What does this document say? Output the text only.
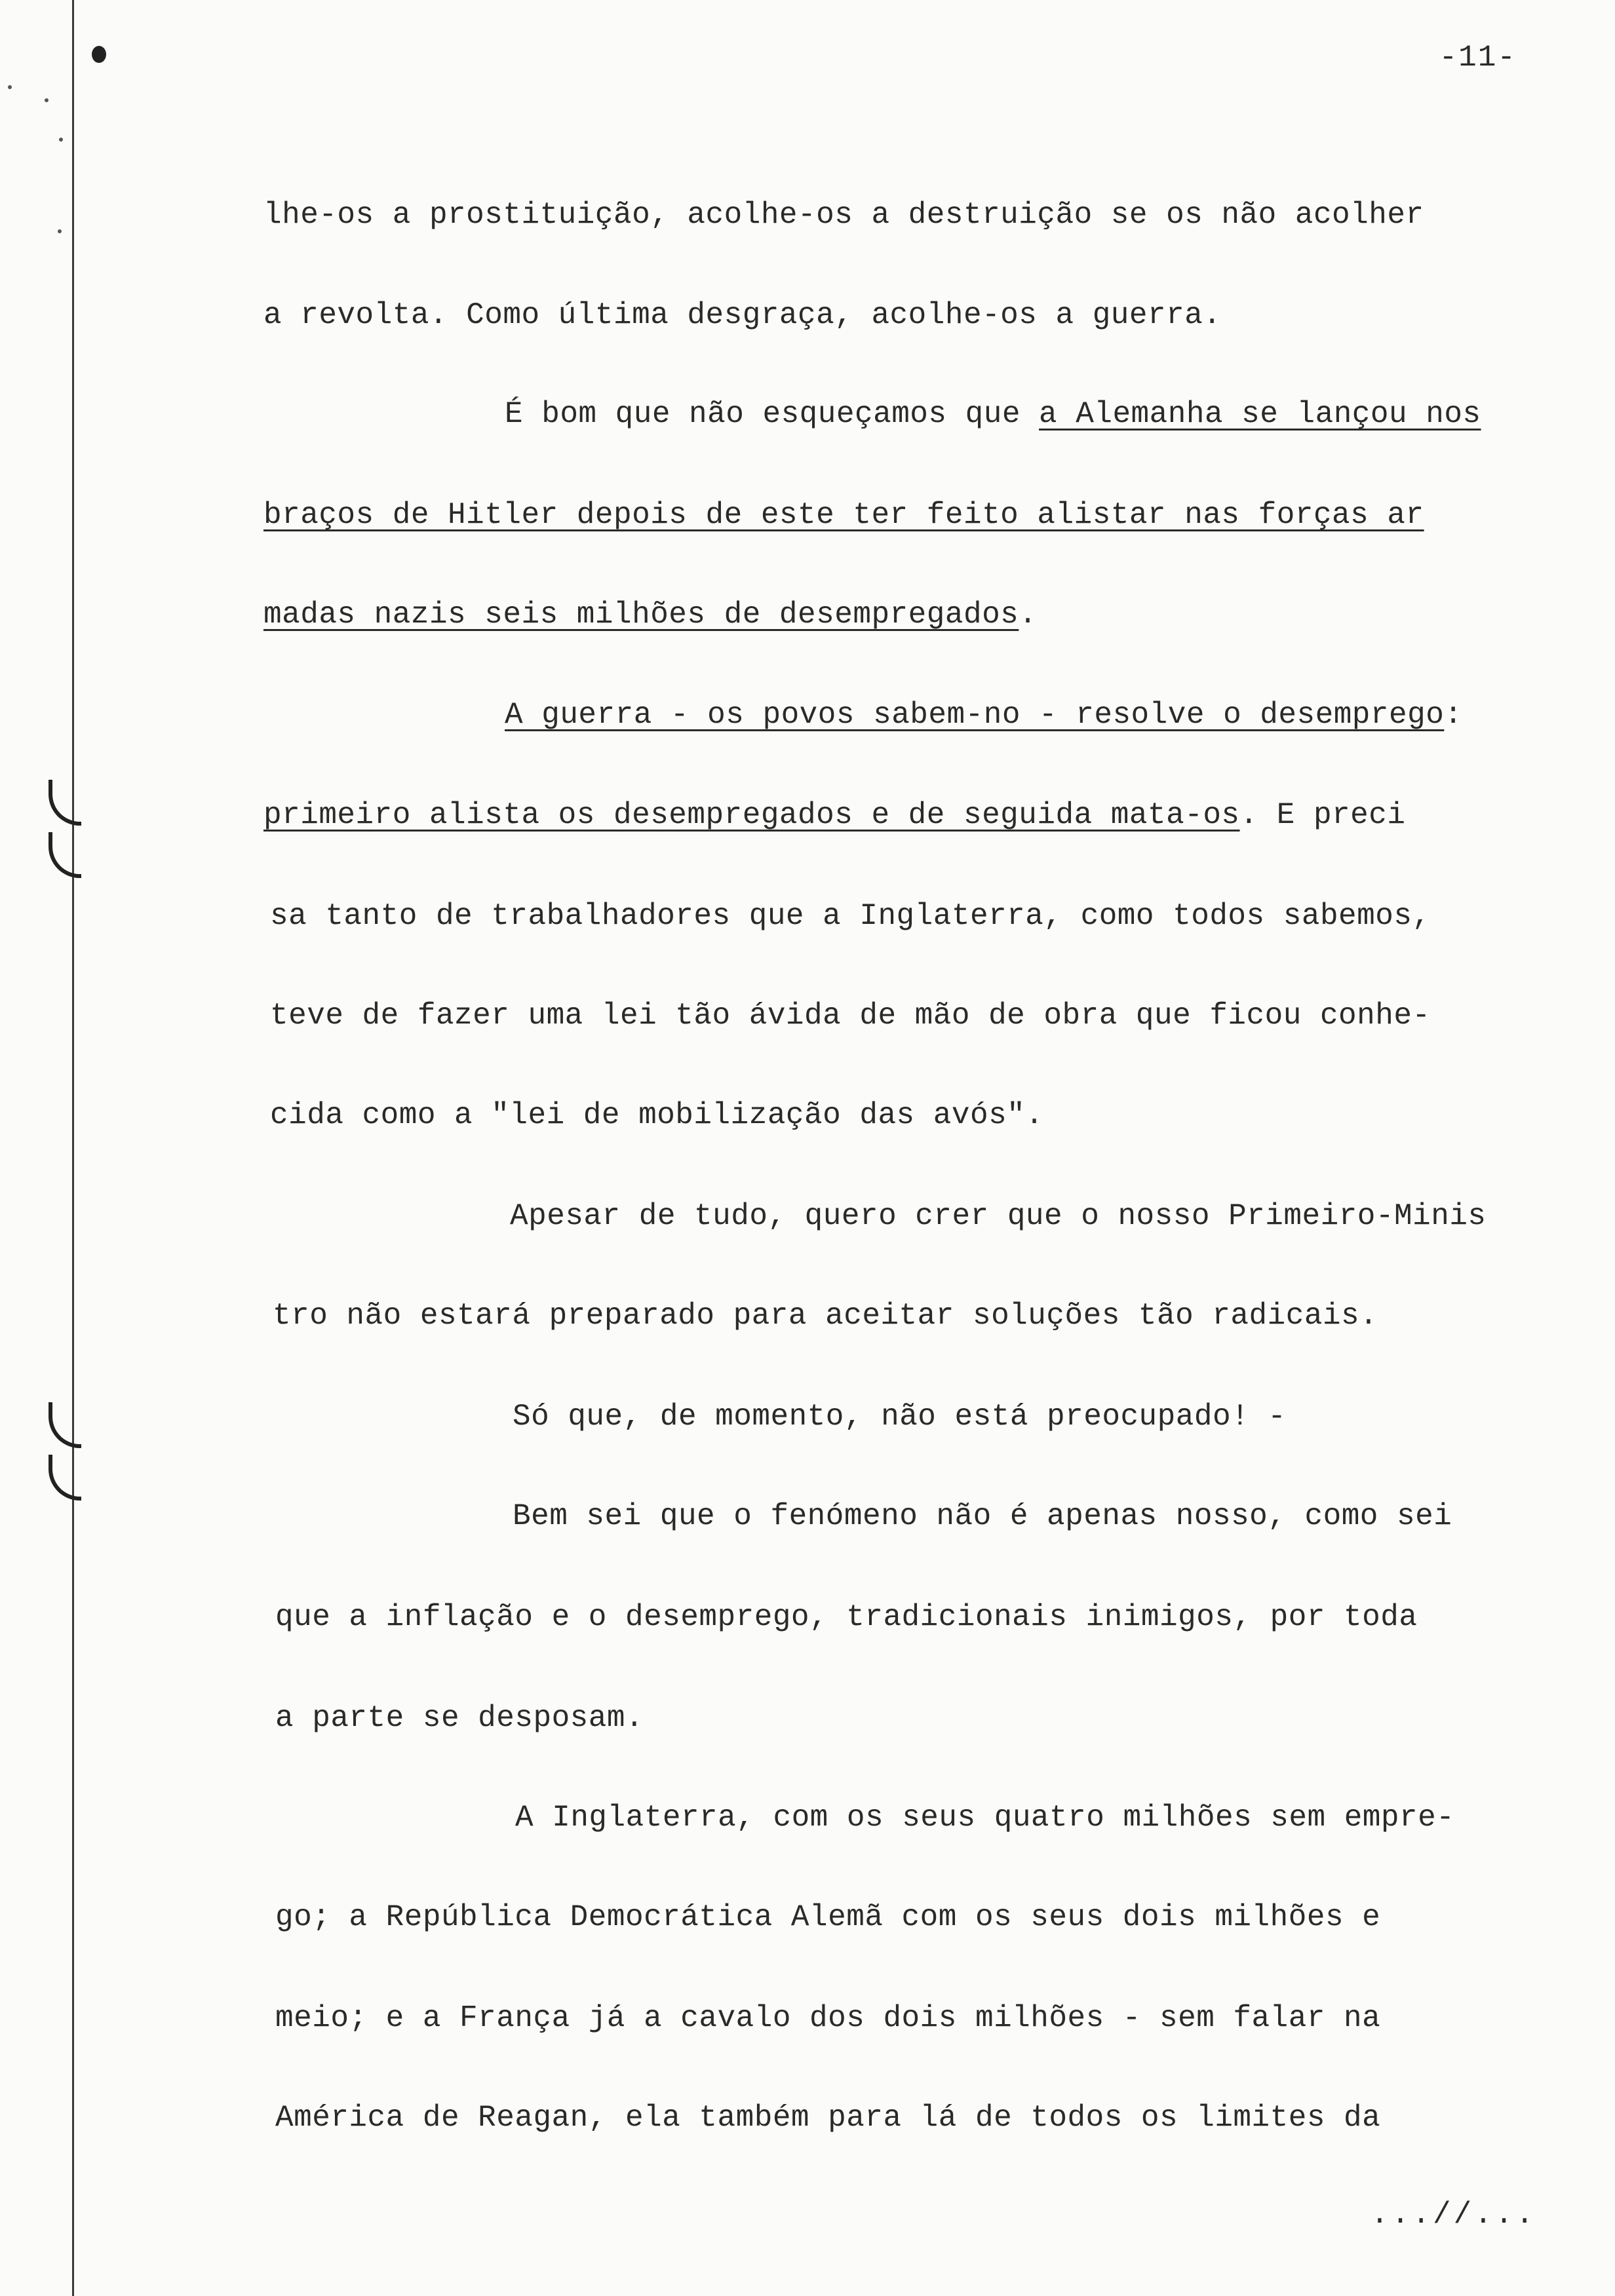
-11-
lhe-os a prostituição, acolhe-os a destruição se os não acolher
a revolta. Como última desgraça, acolhe-os a guerra.
É bom que não esqueçamos que a Alemanha se lançou nos
braços de Hitler depois de este ter feito alistar nas forças ar
madas nazis seis milhões de desempregados.
A guerra - os povos sabem-no - resolve o desemprego:
primeiro alista os desempregados e de seguida mata-os. E preci
sa tanto de trabalhadores que a Inglaterra, como todos sabemos,
teve de fazer uma lei tão ávida de mão de obra que ficou conhe-
cida como a "lei de mobilização das avós".
Apesar de tudo, quero crer que o nosso Primeiro-Minis
tro não estará preparado para aceitar soluções tão radicais.
Só que, de momento, não está preocupado! -
Bem sei que o fenómeno não é apenas nosso, como sei
que a inflação e o desemprego, tradicionais inimigos, por toda
a parte se desposam.
A Inglaterra, com os seus quatro milhões sem empre-
go; a República Democrática Alemã com os seus dois milhões e
meio; e a França já a cavalo dos dois milhões - sem falar na
América de Reagan, ela também para lá de todos os limites da
...//...
